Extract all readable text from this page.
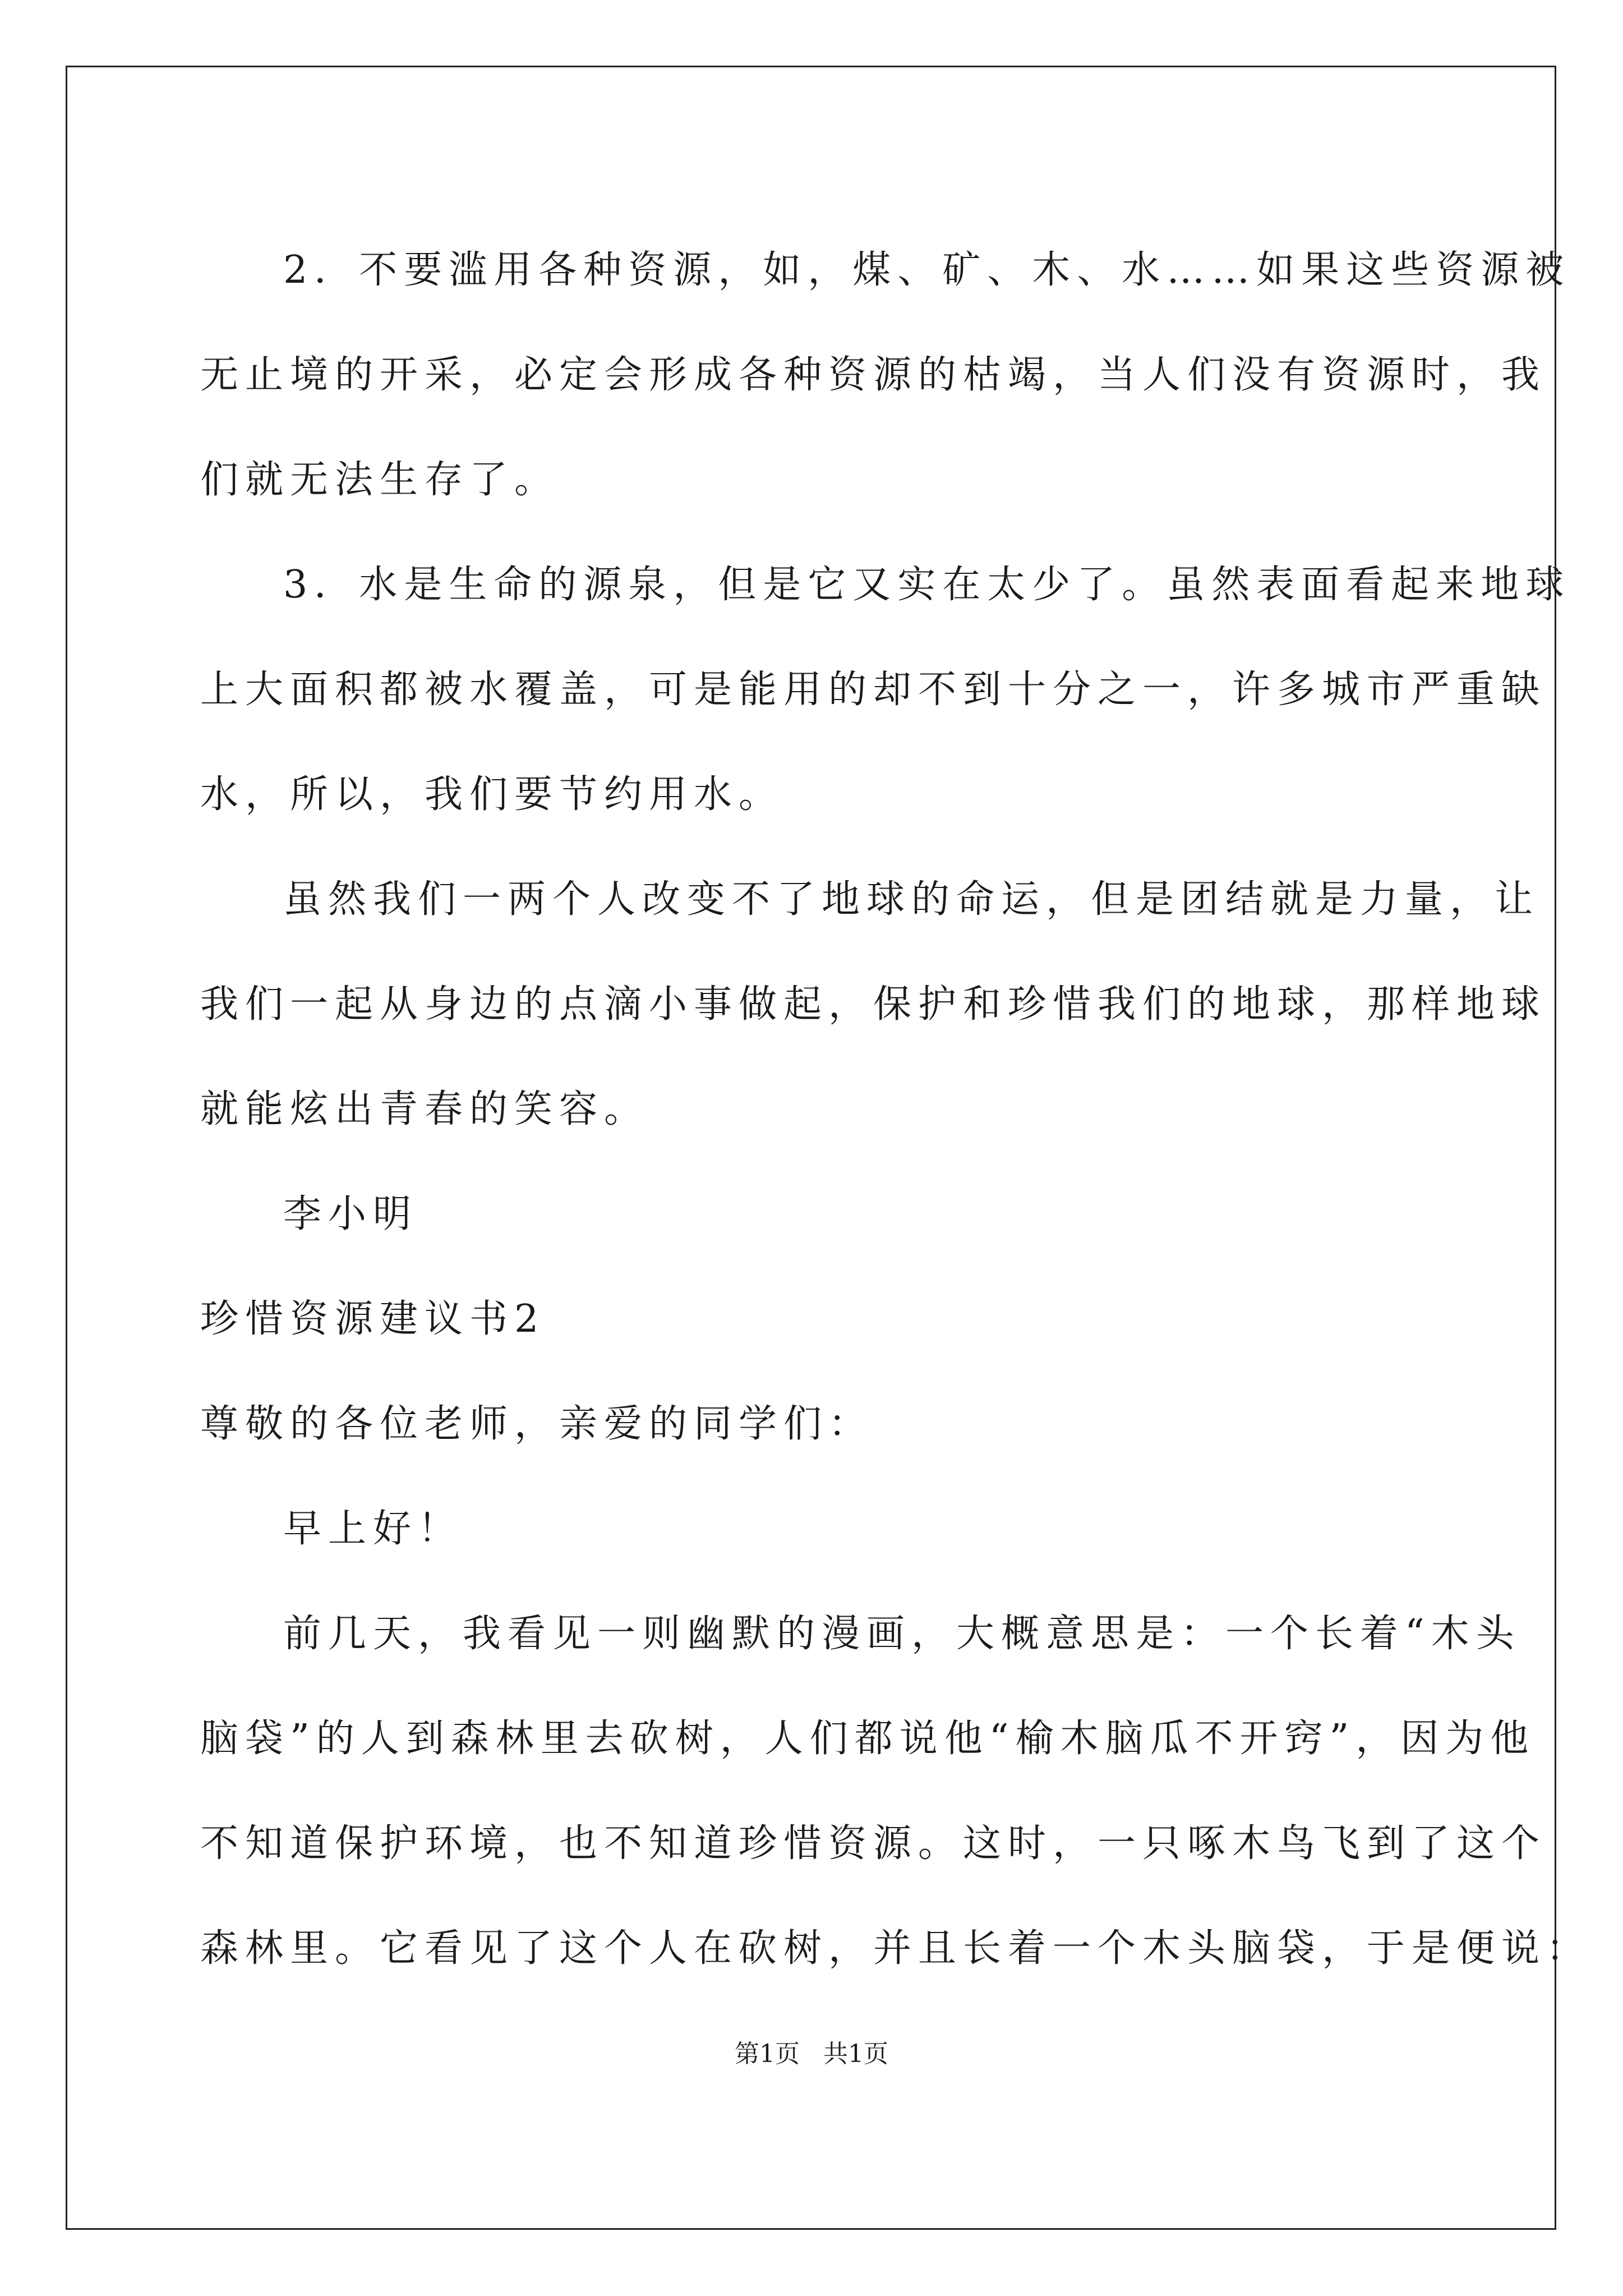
2．不要滥用各种资源，如，煤、矿、木、水……如果这些资源被
无止境的开采，必定会形成各种资源的枯竭，当人们没有资源时，我
们就无法生存了。
3．水是生命的源泉，但是它又实在太少了。虽然表面看起来地球
上大面积都被水覆盖，可是能用的却不到十分之一，许多城市严重缺
水，所以，我们要节约用水。
虽然我们一两个人改变不了地球的命运，但是团结就是力量，让
我们一起从身边的点滴小事做起，保护和珍惜我们的地球，那样地球
就能炫出青春的笑容。
李小明
珍惜资源建议书2
尊敬的各位老师，亲爱的同学们：
早上好！
前几天，我看见一则幽默的漫画，大概意思是：一个长着“木头
脑袋”的人到森林里去砍树，人们都说他“榆木脑瓜不开窍”，因为他
不知道保护环境，也不知道珍惜资源。这时，一只啄木鸟飞到了这个
森林里。它看见了这个人在砍树，并且长着一个木头脑袋，于是便说：
第1页 共1页
